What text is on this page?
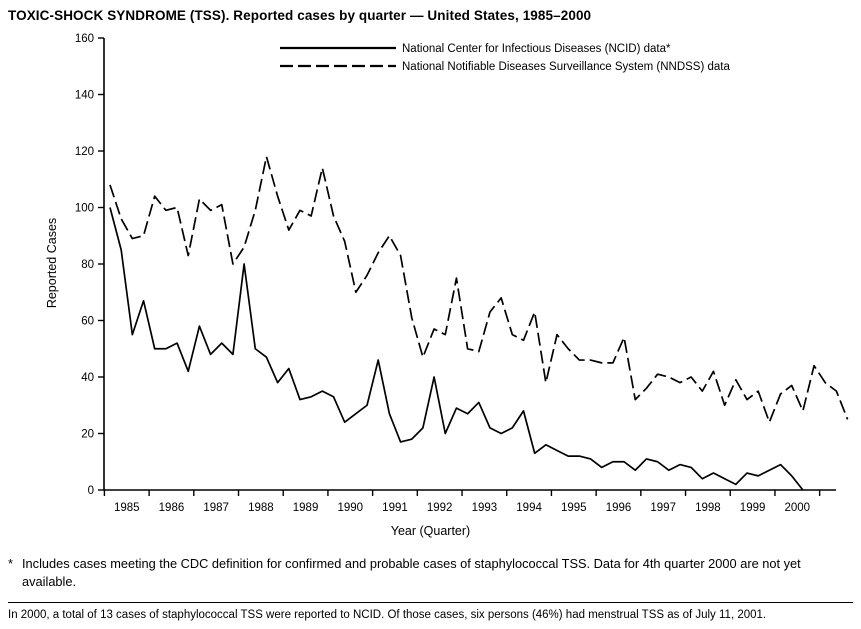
TOXIC-SHOCK SYNDROME (TSS). Reported cases by quarter — United States, 1985–2000
0
20
40
60
80
100
120
140
160
1985 1986 1987 1988 1989 1990 1991 1992 1993 1994 1995 1996 1997 1998 1999 2000
National Center for Infectious Diseases (NCID) data*
National Notifiable Diseases Surveillance System (NNDSS) data
Reported Cases
Year (Quarter)
* Includes cases meeting the CDC definition for confirmed and probable cases of staphylococcal TSS. Data for 4th quarter 2000 are not yet available.
In 2000, a total of 13 cases of staphylococcal TSS were reported to NCID. Of those cases, six persons (46%) had menstrual TSS as of July 11, 2001.
